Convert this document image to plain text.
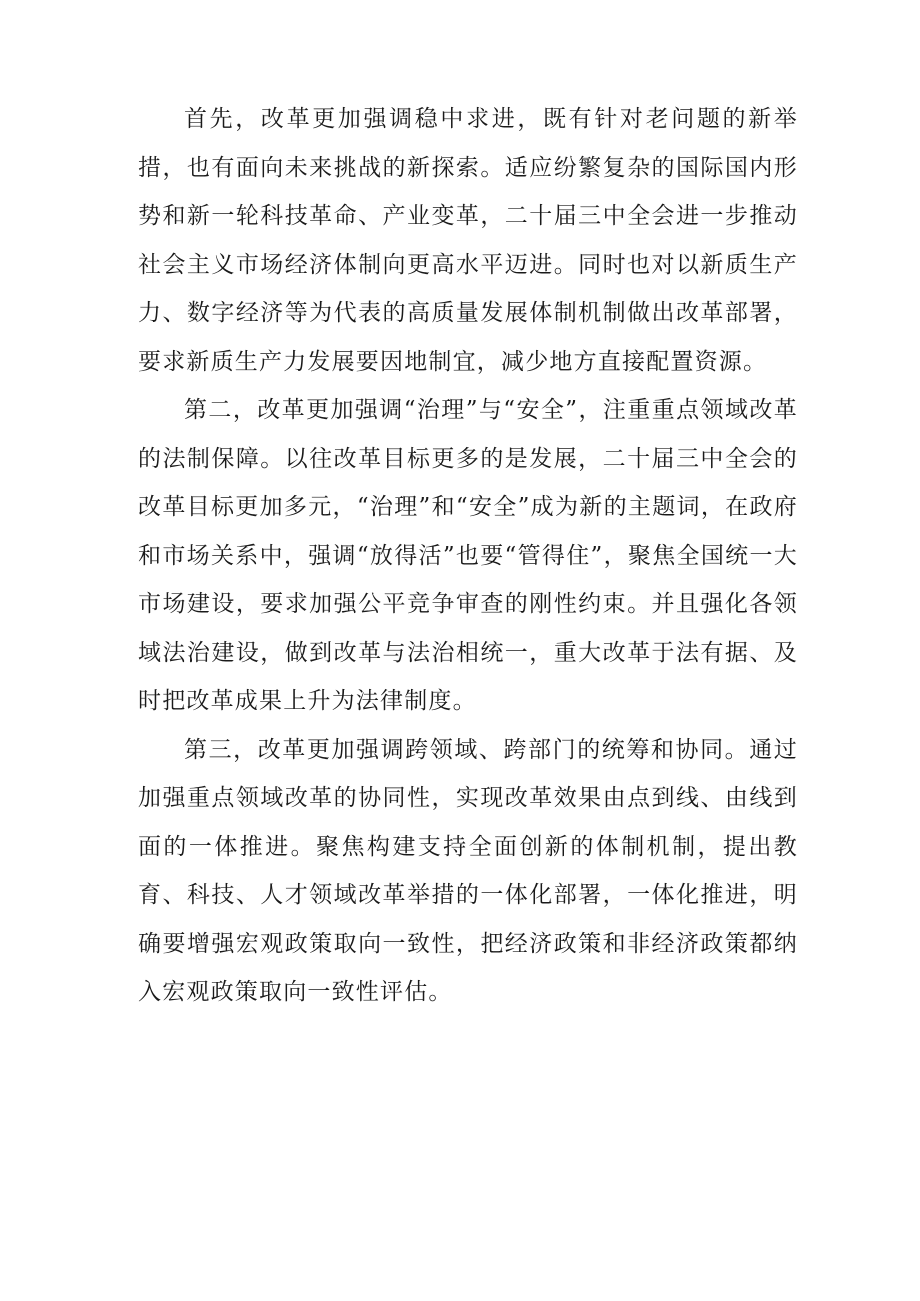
首先，改革更加强调稳中求进，既有针对老问题的新举措，也有面向未来挑战的新探索。适应纷繁复杂的国际国内形势和新一轮科技革命、产业变革，二十届三中全会进一步推动社会主义市场经济体制向更高水平迈进。同时也对以新质生产力、数字经济等为代表的高质量发展体制机制做出改革部署，要求新质生产力发展要因地制宜，减少地方直接配置资源。

第二，改革更加强调“治理”与“安全”，注重重点领域改革的法制保障。以往改革目标更多的是发展，二十届三中全会的改革目标更加多元，“治理”和“安全”成为新的主题词，在政府和市场关系中，强调“放得活”也要“管得住”，聚焦全国统一大市场建设，要求加强公平竞争审查的刚性约束。并且强化各领域法治建设，做到改革与法治相统一，重大改革于法有据、及时把改革成果上升为法律制度。

第三，改革更加强调跨领域、跨部门的统筹和协同。通过加强重点领域改革的协同性，实现改革效果由点到线、由线到面的一体推进。聚焦构建支持全面创新的体制机制，提出教育、科技、人才领域改革举措的一体化部署，一体化推进，明确要增强宏观政策取向一致性，把经济政策和非经济政策都纳入宏观政策取向一致性评估。
